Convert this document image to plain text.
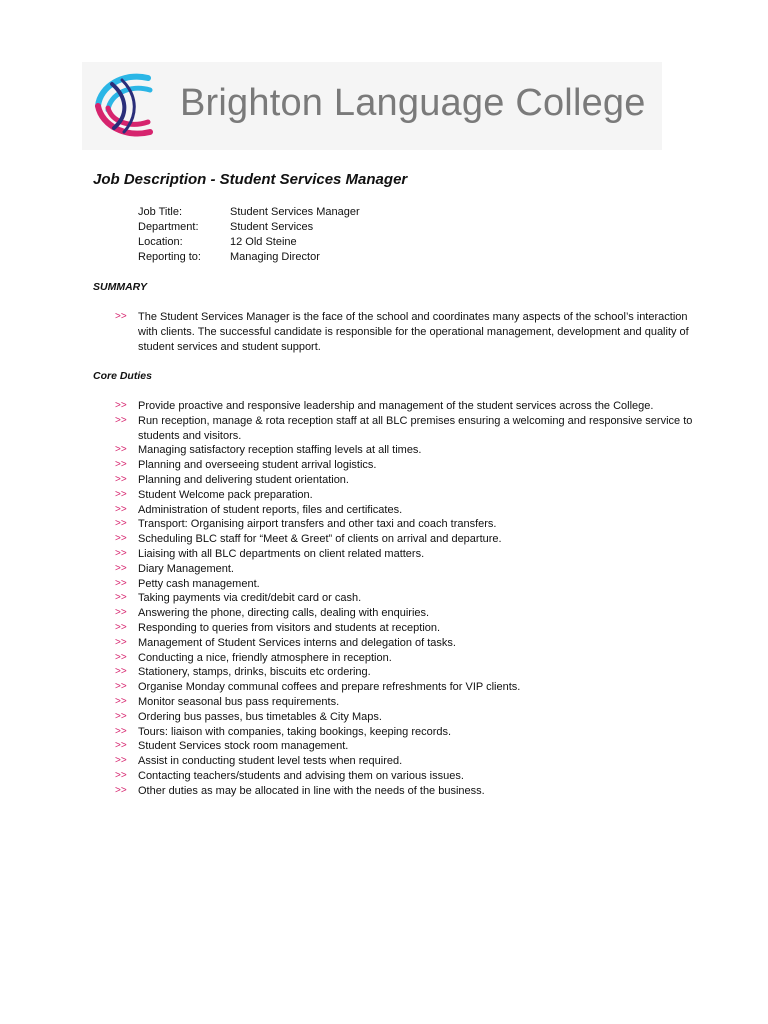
Brighton Language College
Job Description - Student Services Manager
Job Title:	Student Services Manager
Department:	Student Services
Location:	12 Old Steine
Reporting to:	Managing Director
SUMMARY
>>	The Student Services Manager is the face of the school and coordinates many aspects of the school’s interaction with clients. The successful candidate is responsible for the operational management, development and quality of student services and student support.
Core Duties
>>	Provide proactive and responsive leadership and management of the student services across the College.
>>	Run reception, manage & rota reception staff at all BLC premises ensuring a welcoming and responsive service to students and visitors.
>>	Managing satisfactory reception staffing levels at all times.
>>	Planning and overseeing student arrival logistics.
>>	Planning and delivering student orientation.
>>	Student Welcome pack preparation.
>>	Administration of student reports, files and certificates.
>>	Transport: Organising airport transfers and other taxi and coach transfers.
>>	Scheduling BLC staff for “Meet & Greet” of clients on arrival and departure.
>>	Liaising with all BLC departments on client related matters.
>>	Diary Management.
>>	Petty cash management.
>>	Taking payments via credit/debit card or cash.
>>	Answering the phone, directing calls, dealing with enquiries.
>>	Responding to queries from visitors and students at reception.
>>	Management of Student Services interns and delegation of tasks.
>>	Conducting a nice, friendly atmosphere in reception.
>>	Stationery, stamps, drinks, biscuits etc ordering.
>>	Organise Monday communal coffees and prepare refreshments for VIP clients.
>>	Monitor seasonal bus pass requirements.
>>	Ordering bus passes, bus timetables & City Maps.
>>	Tours: liaison with companies, taking bookings, keeping records.
>>	Student Services stock room management.
>>	Assist in conducting student level tests when required.
>>	Contacting teachers/students and advising them on various issues.
>>	Other duties as may be allocated in line with the needs of the business.
